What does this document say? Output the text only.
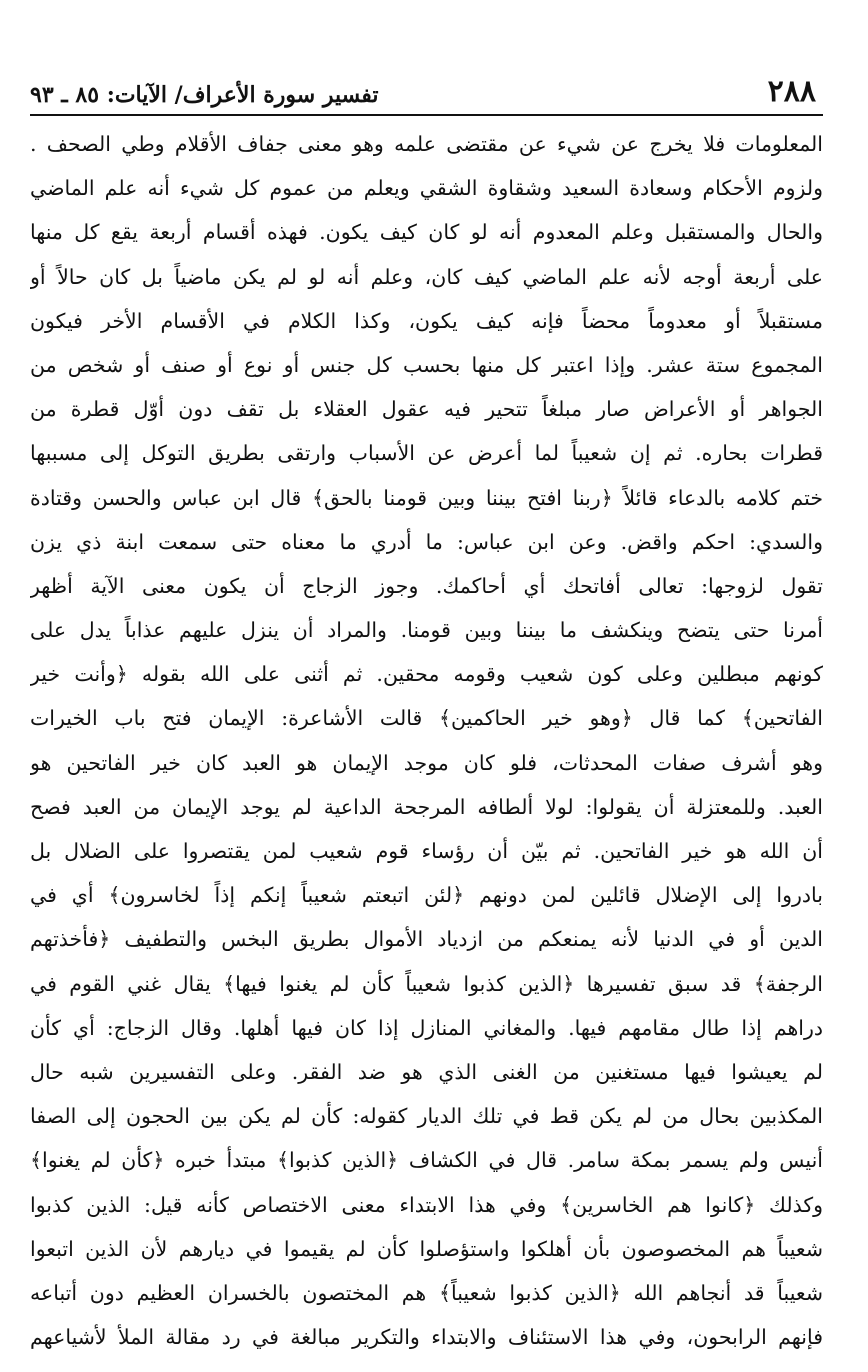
٢٨٨
تفسير سورة الأعراف/ الآيات: ٨٥ ـ ٩٣
المعلومات فلا يخرج عن شيء عن مقتضى علمه وهو معنى جفاف الأقلام وطي الصحف .
ولزوم الأحكام وسعادة السعيد وشقاوة الشقي ويعلم من عموم كل شيء أنه علم الماضي
والحال والمستقبل وعلم المعدوم أنه لو كان كيف يكون. فهذه أقسام أربعة يقع كل منها
على أربعة أوجه لأنه علم الماضي كيف كان، وعلم أنه لو لم يكن ماضياً بل كان حالاً أو
مستقبلاً أو معدوماً محضاً فإنه كيف يكون، وكذا الكلام في الأقسام الأخر فيكون
المجموع ستة عشر. وإذا اعتبر كل منها بحسب كل جنس أو نوع أو صنف أو شخص من
الجواهر أو الأعراض صار مبلغاً تتحير فيه عقول العقلاء بل تقف دون أوّل قطرة من
قطرات بحاره. ثم إن شعيباً لما أعرض عن الأسباب وارتقى بطريق التوكل إلى مسببها
ختم كلامه بالدعاء قائلاً ﴿ربنا افتح بيننا وبين قومنا بالحق﴾ قال ابن عباس والحسن وقتادة
والسدي: احكم واقض. وعن ابن عباس: ما أدري ما معناه حتى سمعت ابنة ذي يزن
تقول لزوجها: تعالى أفاتحك أي أحاكمك. وجوز الزجاج أن يكون معنى الآية أظهر
أمرنا حتى يتضح وينكشف ما بيننا وبين قومنا. والمراد أن ينزل عليهم عذاباً يدل على
كونهم مبطلين وعلى كون شعيب وقومه محقين. ثم أثنى على الله بقوله ﴿وأنت خير
الفاتحين﴾ كما قال ﴿وهو خير الحاكمين﴾ قالت الأشاعرة: الإيمان فتح باب الخيرات
وهو أشرف صفات المحدثات، فلو كان موجد الإيمان هو العبد كان خير الفاتحين هو
العبد. وللمعتزلة أن يقولوا: لولا ألطافه المرجحة الداعية لم يوجد الإيمان من العبد فصح
أن الله هو خير الفاتحين. ثم بيّن أن رؤساء قوم شعيب لمن يقتصروا على الضلال بل
بادروا إلى الإضلال قائلين لمن دونهم ﴿لئن اتبعتم شعيباً إنكم إذاً لخاسرون﴾ أي في
الدين أو في الدنيا لأنه يمنعكم من ازدياد الأموال بطريق البخس والتطفيف ﴿فأخذتهم
الرجفة﴾ قد سبق تفسيرها ﴿الذين كذبوا شعيباً كأن لم يغنوا فيها﴾ يقال غني القوم في
دراهم إذا طال مقامهم فيها. والمغاني المنازل إذا كان فيها أهلها. وقال الزجاج: أي كأن
لم يعيشوا فيها مستغنين من الغنى الذي هو ضد الفقر. وعلى التفسيرين شبه حال
المكذبين بحال من لم يكن قط في تلك الديار كقوله: كأن لم يكن بين الحجون إلى الصفا
أنيس ولم يسمر بمكة سامر. قال في الكشاف ﴿الذين كذبوا﴾ مبتدأ خبره ﴿كأن لم يغنوا﴾
وكذلك ﴿كانوا هم الخاسرين﴾ وفي هذا الابتداء معنى الاختصاص كأنه قيل: الذين كذبوا
شعيباً هم المخصوصون بأن أهلكوا واستؤصلوا كأن لم يقيموا في ديارهم لأن الذين اتبعوا
شعيباً قد أنجاهم الله ﴿الذين كذبوا شعيباً﴾ هم المختصون بالخسران العظيم دون أتباعه
فإنهم الرابحون، وفي هذا الاستئناف والابتداء والتكرير مبالغة في رد مقالة الملأ لأشياعهم
